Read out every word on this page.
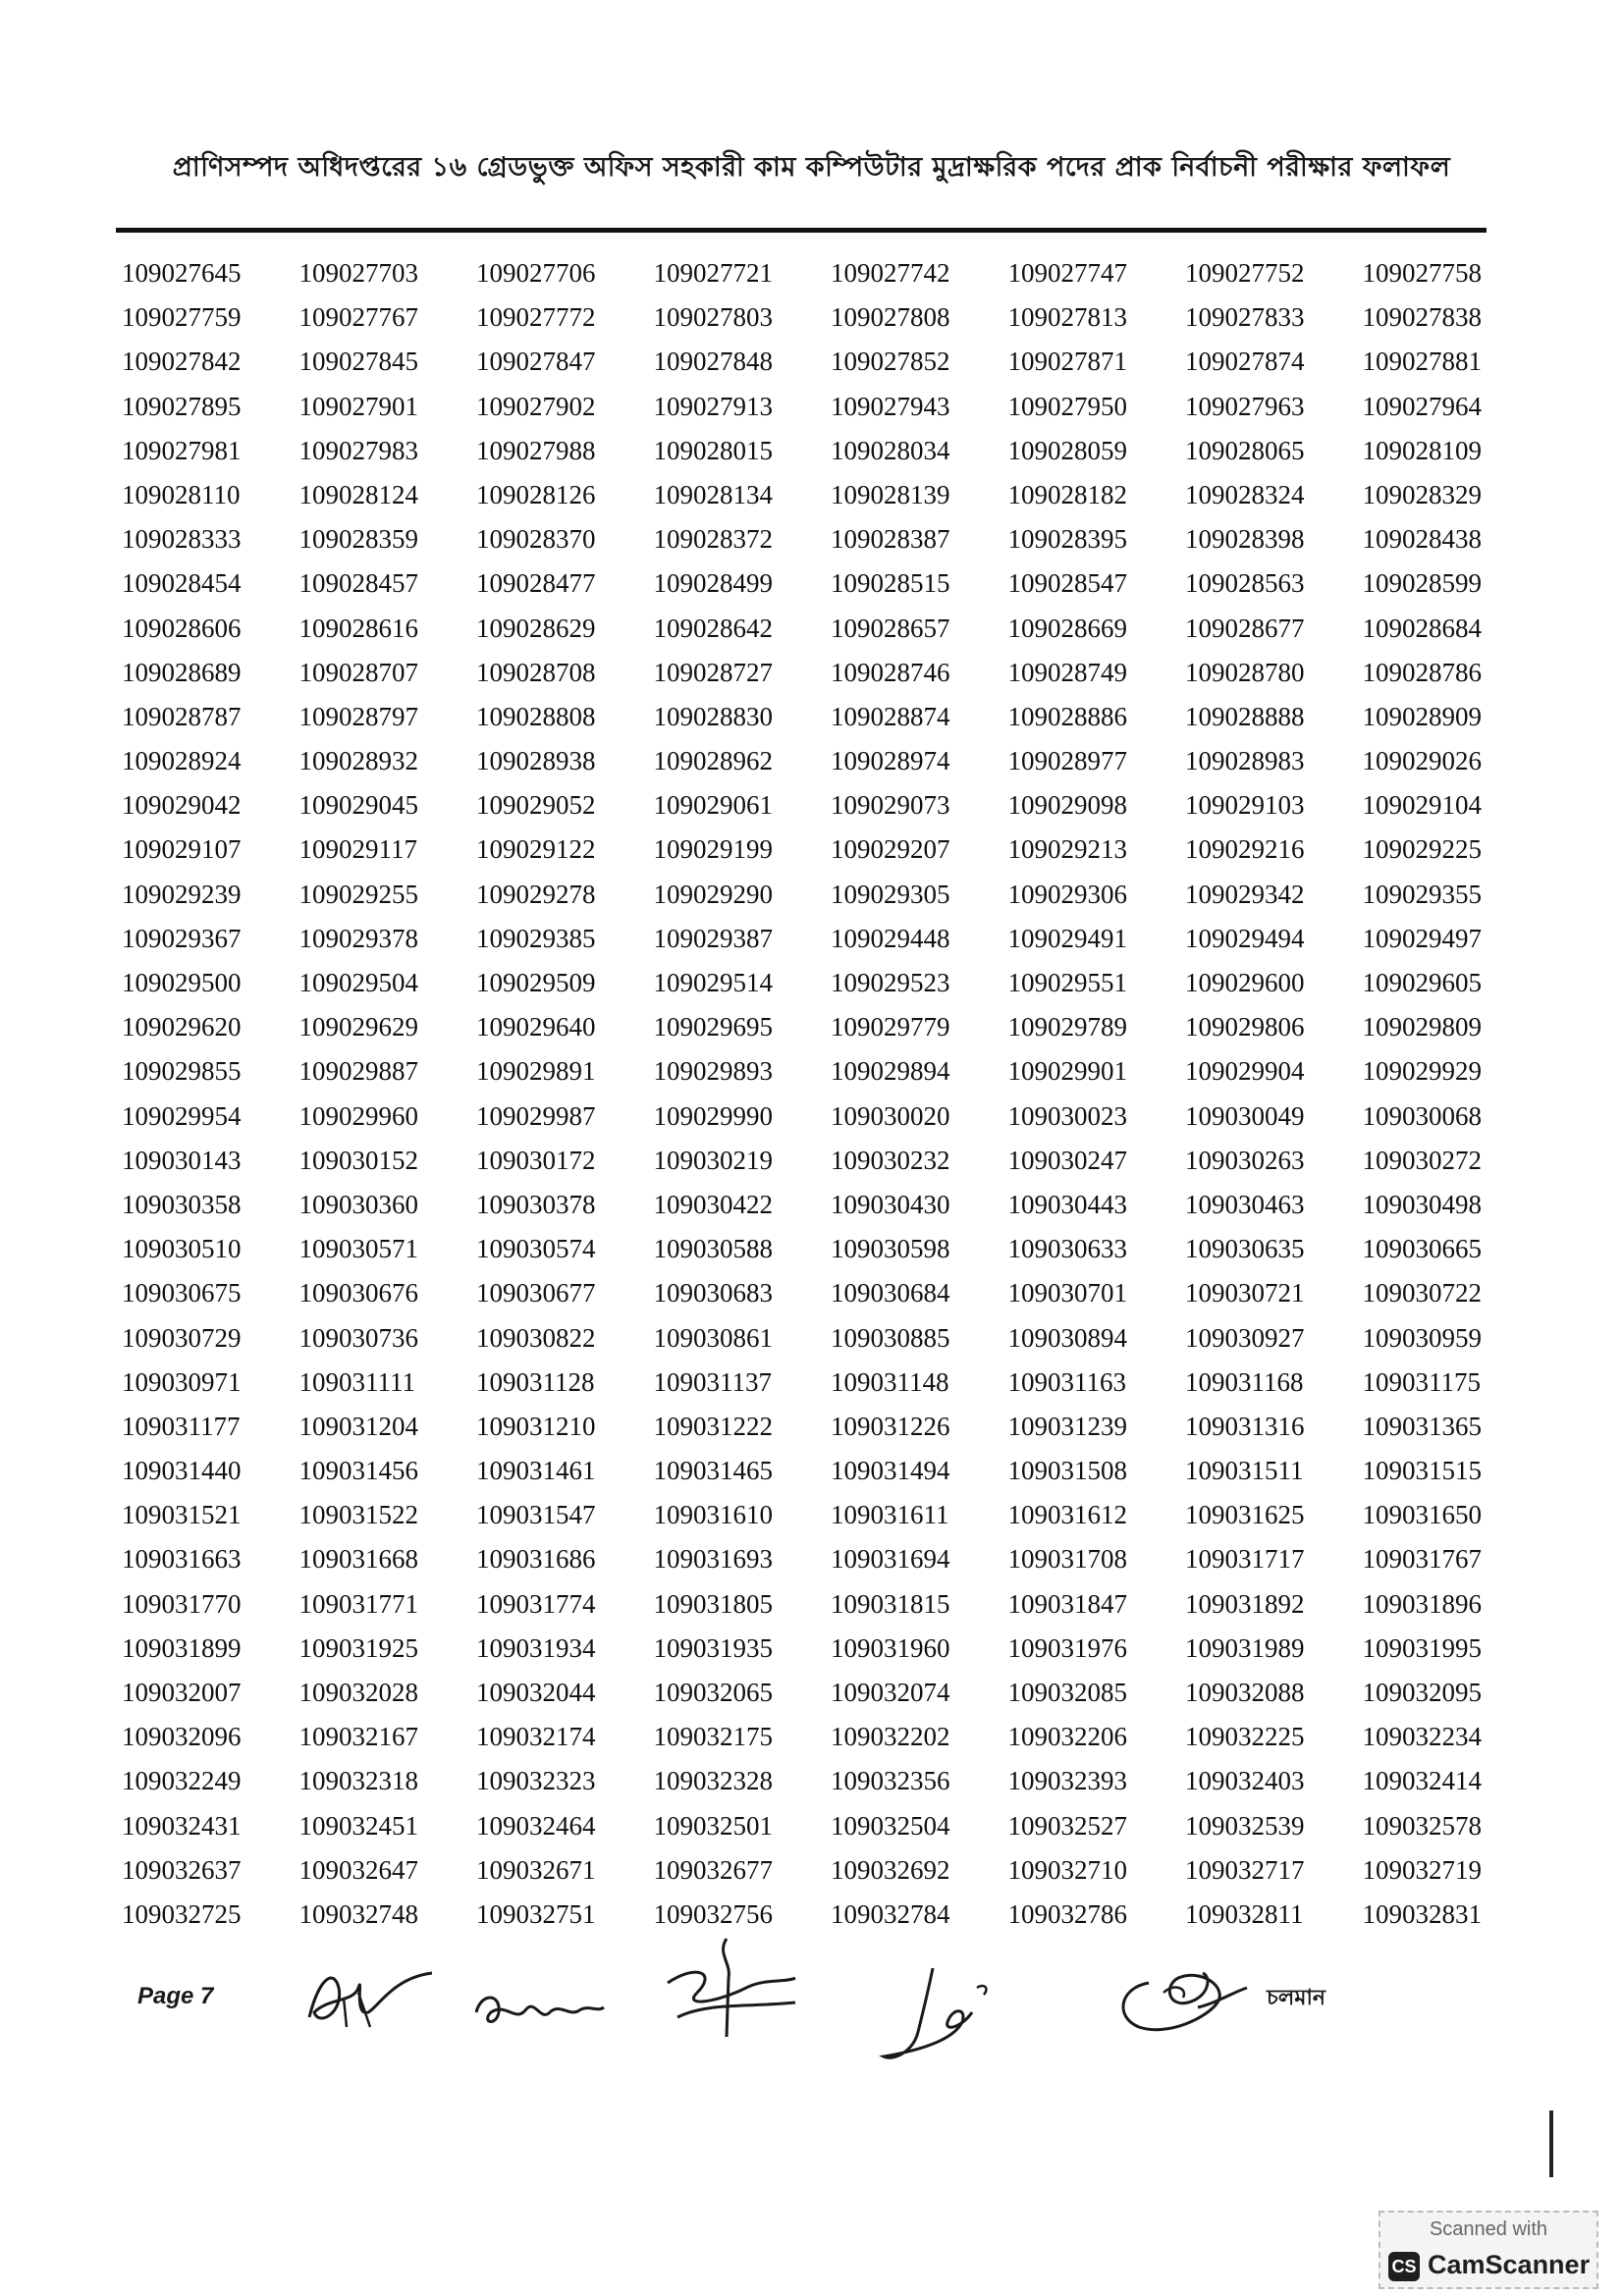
প্রাণিসম্পদ অধিদপ্তরের ১৬ গ্রেডভুক্ত অফিস সহকারী কাম কম্পিউটার মুদ্রাক্ষরিক পদের প্রাক নির্বাচনী পরীক্ষার ফলাফল
109027645	109027703	109027706	109027721	109027742	109027747	109027752	109027758
109027759	109027767	109027772	109027803	109027808	109027813	109027833	109027838
109027842	109027845	109027847	109027848	109027852	109027871	109027874	109027881
109027895	109027901	109027902	109027913	109027943	109027950	109027963	109027964
109027981	109027983	109027988	109028015	109028034	109028059	109028065	109028109
109028110	109028124	109028126	109028134	109028139	109028182	109028324	109028329
109028333	109028359	109028370	109028372	109028387	109028395	109028398	109028438
109028454	109028457	109028477	109028499	109028515	109028547	109028563	109028599
109028606	109028616	109028629	109028642	109028657	109028669	109028677	109028684
109028689	109028707	109028708	109028727	109028746	109028749	109028780	109028786
109028787	109028797	109028808	109028830	109028874	109028886	109028888	109028909
109028924	109028932	109028938	109028962	109028974	109028977	109028983	109029026
109029042	109029045	109029052	109029061	109029073	109029098	109029103	109029104
109029107	109029117	109029122	109029199	109029207	109029213	109029216	109029225
109029239	109029255	109029278	109029290	109029305	109029306	109029342	109029355
109029367	109029378	109029385	109029387	109029448	109029491	109029494	109029497
109029500	109029504	109029509	109029514	109029523	109029551	109029600	109029605
109029620	109029629	109029640	109029695	109029779	109029789	109029806	109029809
109029855	109029887	109029891	109029893	109029894	109029901	109029904	109029929
109029954	109029960	109029987	109029990	109030020	109030023	109030049	109030068
109030143	109030152	109030172	109030219	109030232	109030247	109030263	109030272
109030358	109030360	109030378	109030422	109030430	109030443	109030463	109030498
109030510	109030571	109030574	109030588	109030598	109030633	109030635	109030665
109030675	109030676	109030677	109030683	109030684	109030701	109030721	109030722
109030729	109030736	109030822	109030861	109030885	109030894	109030927	109030959
109030971	109031111	109031128	109031137	109031148	109031163	109031168	109031175
109031177	109031204	109031210	109031222	109031226	109031239	109031316	109031365
109031440	109031456	109031461	109031465	109031494	109031508	109031511	109031515
109031521	109031522	109031547	109031610	109031611	109031612	109031625	109031650
109031663	109031668	109031686	109031693	109031694	109031708	109031717	109031767
109031770	109031771	109031774	109031805	109031815	109031847	109031892	109031896
109031899	109031925	109031934	109031935	109031960	109031976	109031989	109031995
109032007	109032028	109032044	109032065	109032074	109032085	109032088	109032095
109032096	109032167	109032174	109032175	109032202	109032206	109032225	109032234
109032249	109032318	109032323	109032328	109032356	109032393	109032403	109032414
109032431	109032451	109032464	109032501	109032504	109032527	109032539	109032578
109032637	109032647	109032671	109032677	109032692	109032710	109032717	109032719
109032725	109032748	109032751	109032756	109032784	109032786	109032811	109032831
Page 7	চলমান
Scanned with
CS CamScanner
